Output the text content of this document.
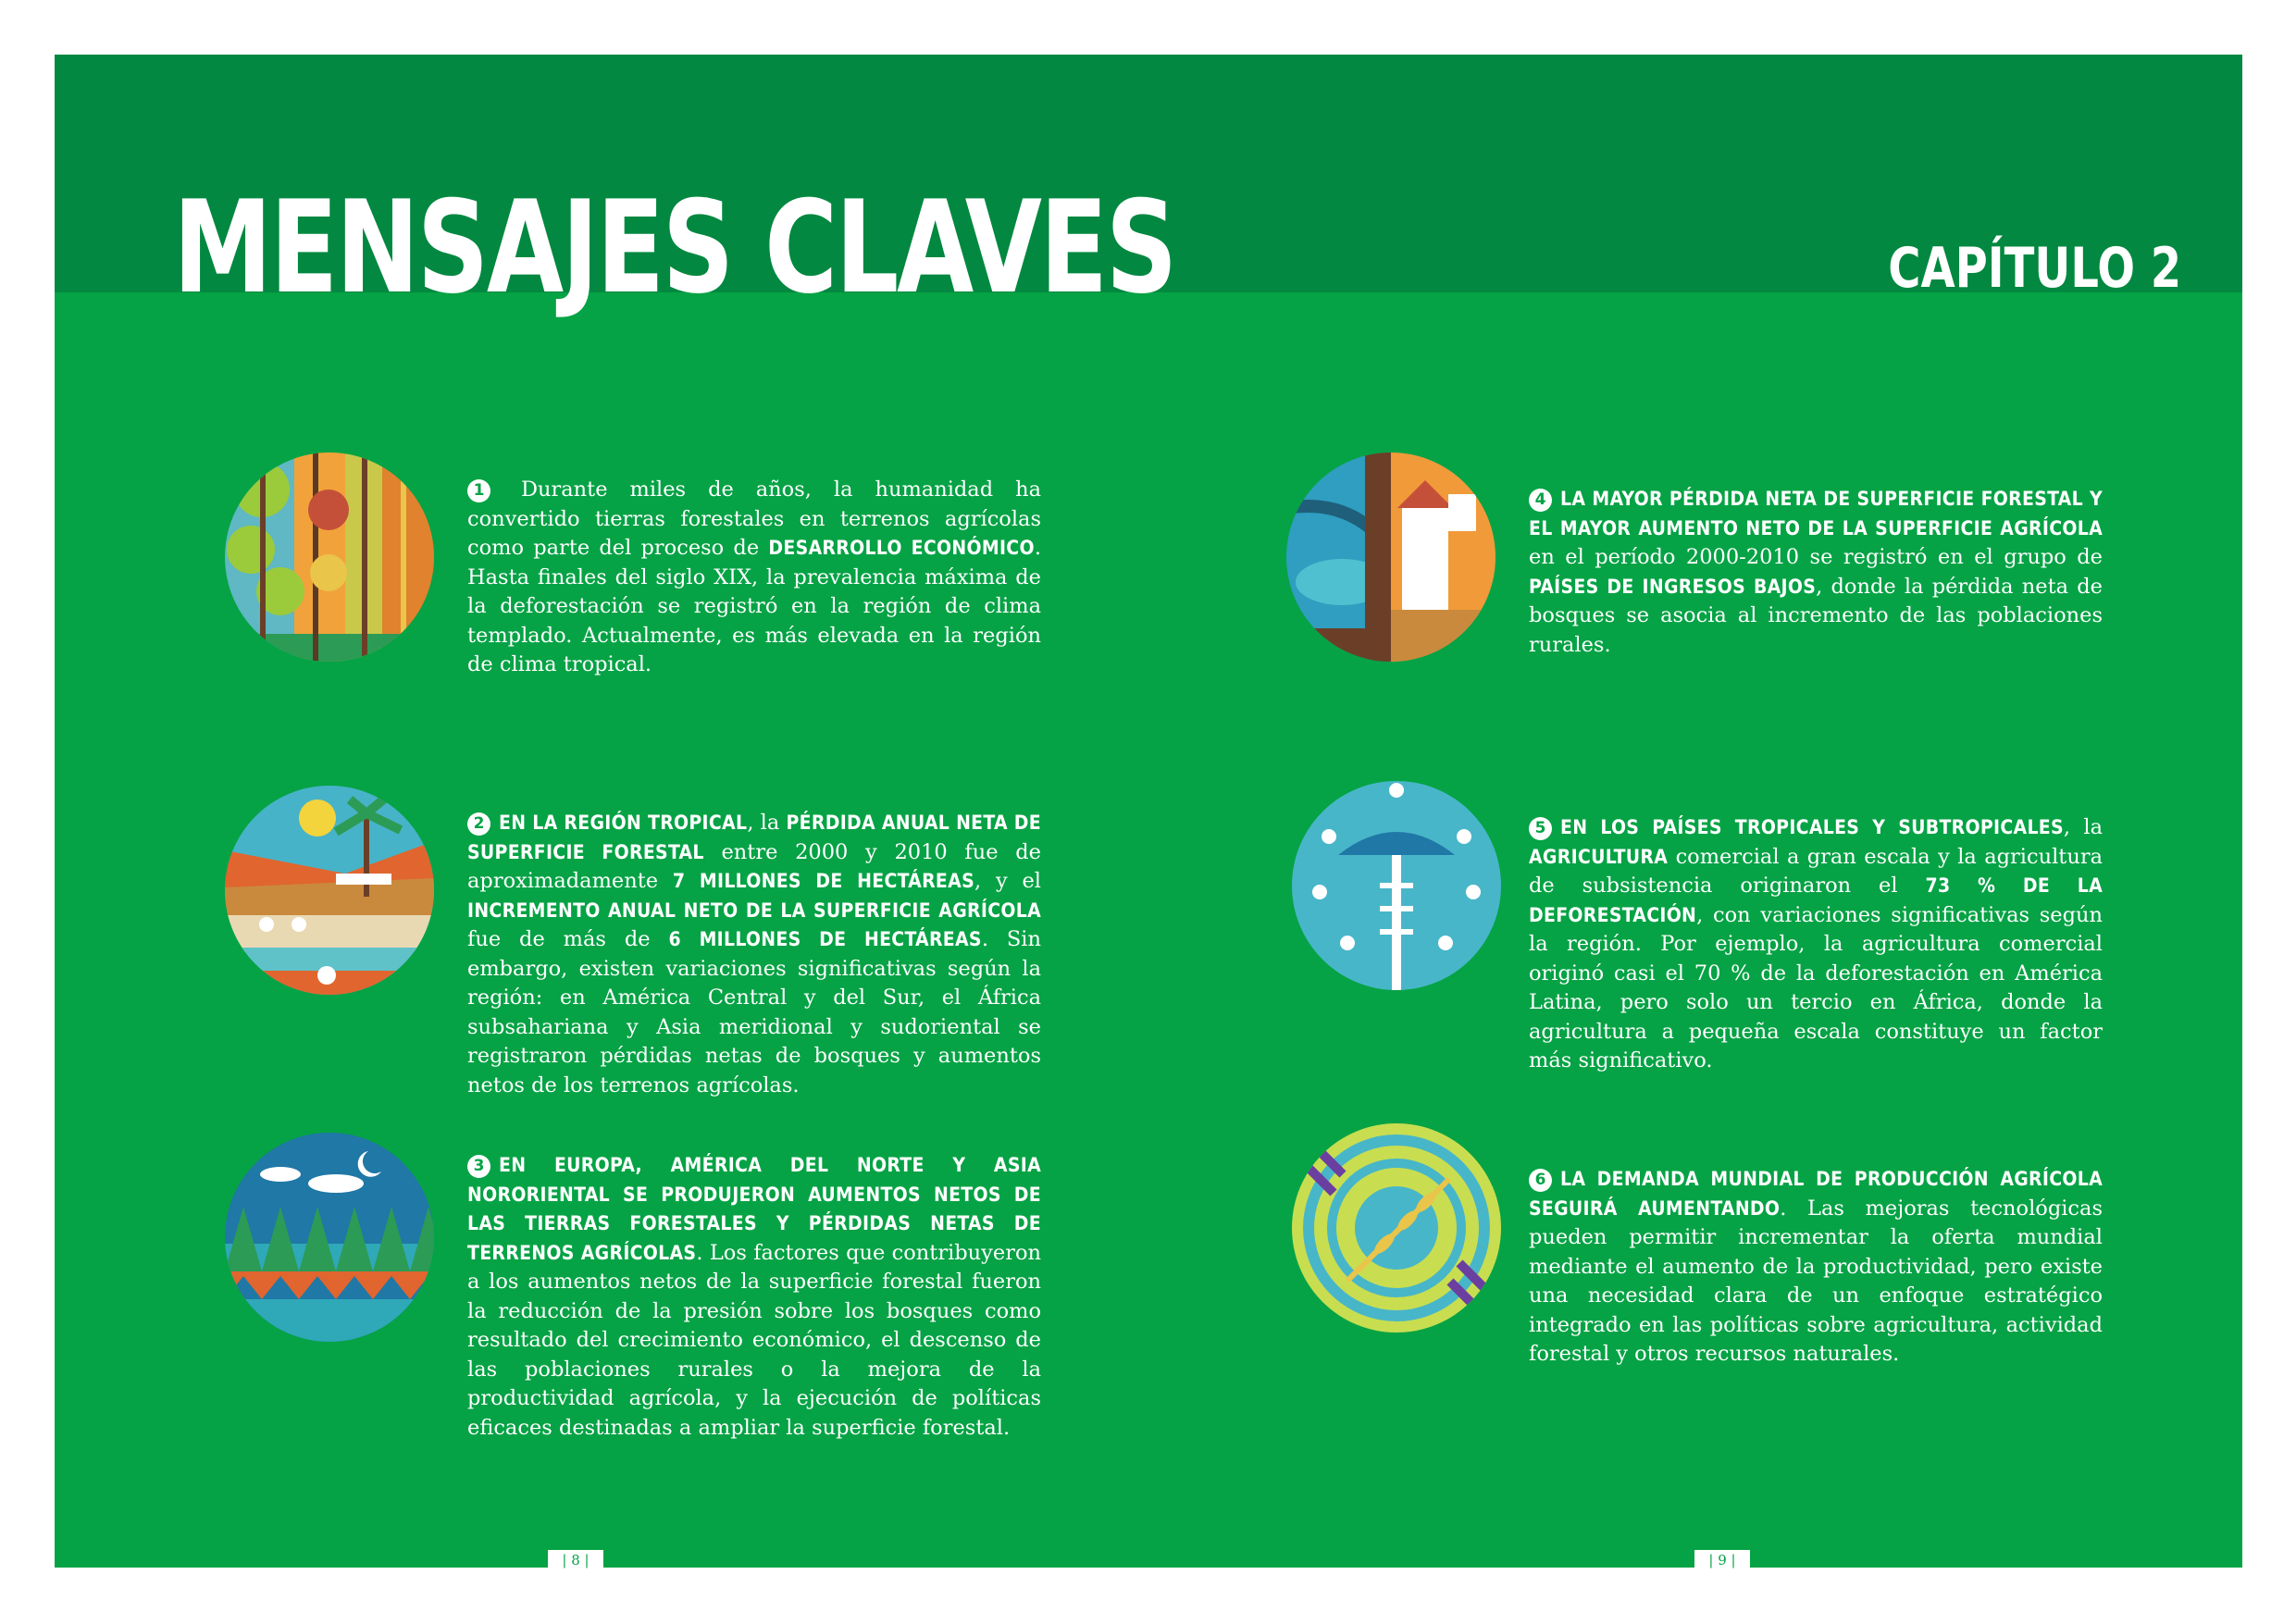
MENSAJES CLAVES	CAPÍTULO 2

1 Durante miles de años, la humanidad ha convertido tierras forestales en terrenos agrícolas como parte del proceso de DESARROLLO ECONÓMICO. Hasta finales del siglo XIX, la prevalencia máxima de la deforestación se registró en la región de clima templado. Actualmente, es más elevada en la región de clima tropical.

2 EN LA REGIÓN TROPICAL, la PÉRDIDA ANUAL NETA DE SUPERFICIE FORESTAL entre 2000 y 2010 fue de aproximadamente 7 MILLONES DE HECTÁREAS, y el INCREMENTO ANUAL NETO DE LA SUPERFICIE AGRÍCOLA fue de más de 6 MILLONES DE HECTÁREAS. Sin embargo, existen variaciones significativas según la región: en América Central y del Sur, el África subsahariana y Asia meridional y sudoriental se registraron pérdidas netas de bosques y aumentos netos de los terrenos agrícolas.

3 EN EUROPA, AMÉRICA DEL NORTE Y ASIA NORORIENTAL SE PRODUJERON AUMENTOS NETOS DE LAS TIERRAS FORESTALES Y PÉRDIDAS NETAS DE TERRENOS AGRÍCOLAS. Los factores que contribuyeron a los aumentos netos de la superficie forestal fueron la reducción de la presión sobre los bosques como resultado del crecimiento económico, el descenso de las poblaciones rurales o la mejora de la productividad agrícola, y la ejecución de políticas eficaces destinadas a ampliar la superficie forestal.

4 LA MAYOR PÉRDIDA NETA DE SUPERFICIE FORESTAL Y EL MAYOR AUMENTO NETO DE LA SUPERFICIE AGRÍCOLA en el período 2000-2010 se registró en el grupo de PAÍSES DE INGRESOS BAJOS, donde la pérdida neta de bosques se asocia al incremento de las poblaciones rurales.

5 EN LOS PAÍSES TROPICALES Y SUBTROPICALES, la AGRICULTURA comercial a gran escala y la agricultura de subsistencia originaron el 73 % DE LA DEFORESTACIÓN, con variaciones significativas según la región. Por ejemplo, la agricultura comercial originó casi el 70 % de la deforestación en América Latina, pero solo un tercio en África, donde la agricultura a pequeña escala constituye un factor más significativo.

6 LA DEMANDA MUNDIAL DE PRODUCCIÓN AGRÍCOLA SEGUIRÁ AUMENTANDO. Las mejoras tecnológicas pueden permitir incrementar la oferta mundial mediante el aumento de la productividad, pero existe una necesidad clara de un enfoque estratégico integrado en las políticas sobre agricultura, actividad forestal y otros recursos naturales.

| 8 |	| 9 |
